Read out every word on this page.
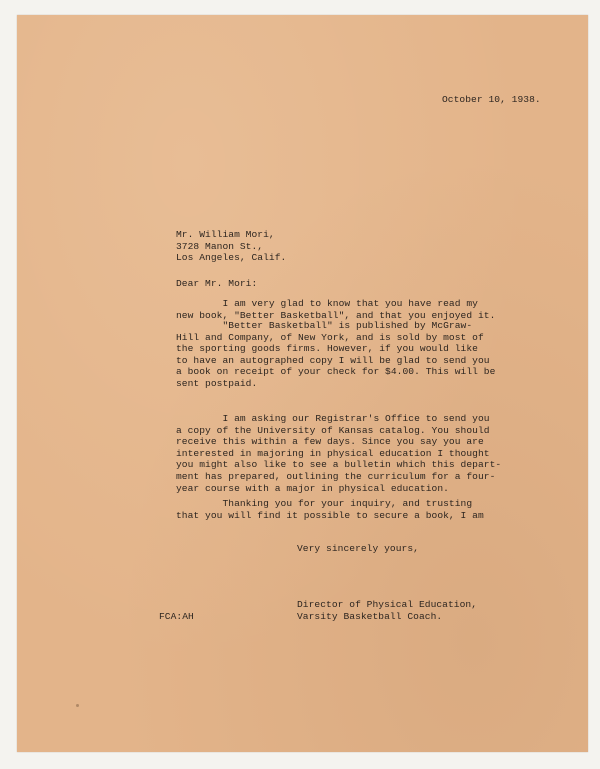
October 10, 1938.

Mr. William Mori,
3728 Manon St.,
Los Angeles, Calif.

Dear Mr. Mori:

I am very glad to know that you have read my
new book, "Better Basketball", and that you enjoyed it.

"Better Basketball" is published by McGraw-
Hill and Company, of New York, and is sold by most of
the sporting goods firms. However, if you would like
to have an autographed copy I will be glad to send you
a book on receipt of your check for $4.00. This will be
sent postpaid.

I am asking our Registrar's Office to send you
a copy of the University of Kansas catalog. You should
receive this within a few days. Since you say you are
interested in majoring in physical education I thought
you might also like to see a bulletin which this depart-
ment has prepared, outlining the curriculum for a four-
year course with a major in physical education.

Thanking you for your inquiry, and trusting
that you will find it possible to secure a book, I am

Very sincerely yours,

Director of Physical Education,
Varsity Basketball Coach.

FCA:AH
